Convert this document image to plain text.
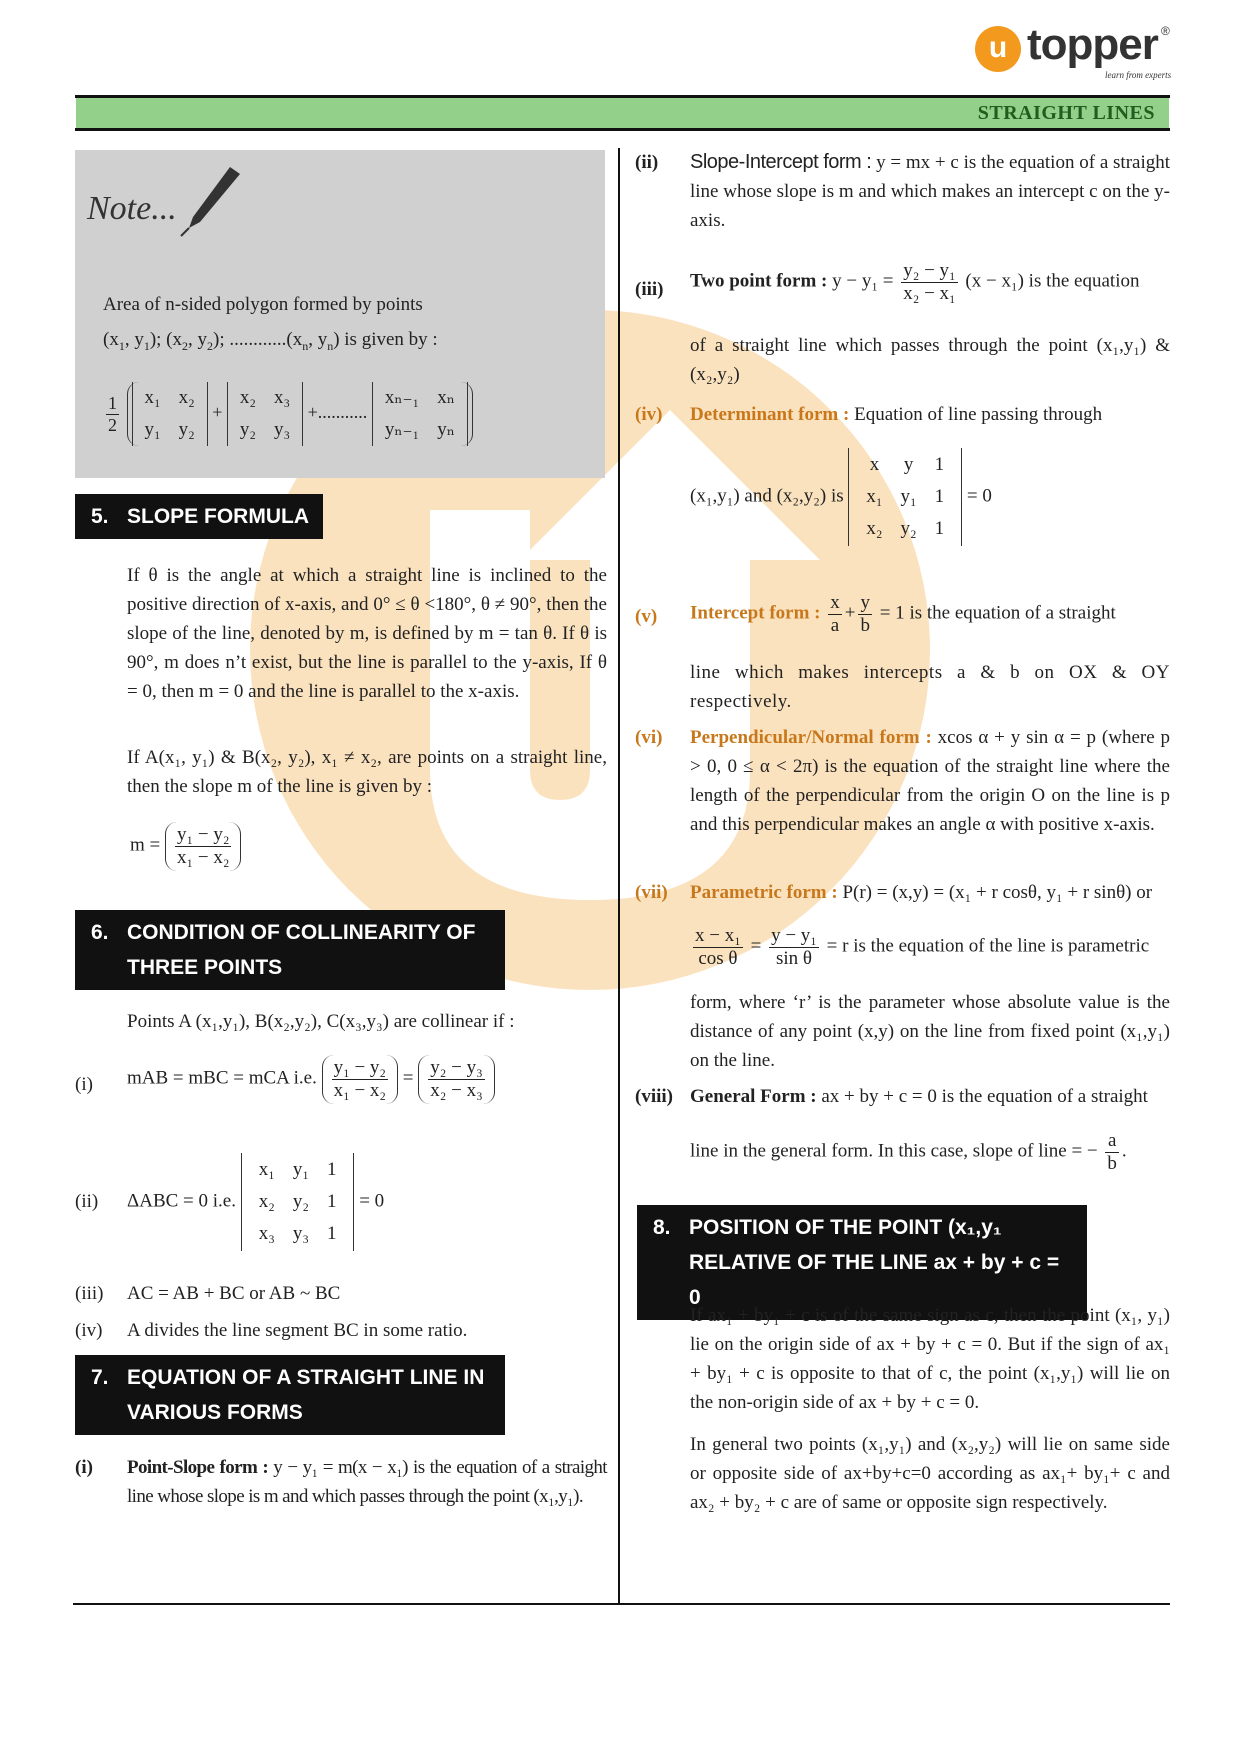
u topper ®
learn from experts
STRAIGHT LINES
Note...
Area of n-sided polygon formed by points
($x_1$, $y_1$); ($x_2$, $y_2$); $............(x_n$, $y_n$) is given by :
$\frac{1}{2}$
x₁	x₂
y₁	y₂
+
x₂	x₃
y₂	y₃
+...........
xₙ₋₁	xₙ
yₙ₋₁	yₙ
5. SLOPE FORMULA
If θ is the angle at which a straight line is inclined to the positive direction of x-axis, and 0° ≤ θ <180°, θ ≠ 90°, then the slope of the line, denoted by m, is defined by m = tan θ. If θ is 90°, m does n’t exist, but the line is parallel to the y-axis, If θ = 0, then m = 0 and the line is parallel to the x-axis.
If A(x₁, y₁) & B(x₂, y₂), x₁ ≠ x₂, are points on a straight line, then the slope m of the line is given by :
$m = \frac{\text{y₁ − y₂}}{\text{x₁ − x₂}}$
6. CONDITION OF COLLINEARITY OF
THREE POINTS
Points A (x₁,y₁), B(x₂,y₂), C(x₃,y₃) are collinear if :
(i) mAB = mBC = mCA i.e. $\frac{\text{y₁ − y₂}}{\text{x₁ − x₂}} = \frac{\text{y₂ − y₃}}{\text{x₂ − x₃}}$
(ii) ΔABC = 0 i.e.
x₁	y₁	1
x₂	y₂	1
x₃	y₃	1
= 0
(iii) AC = AB + BC or AB ~ BC
(iv) A divides the line segment BC in some ratio.
7. EQUATION OF A STRAIGHT LINE IN
VARIOUS FORMS
(i) Point-Slope form : y − y₁ = m(x − x₁) is the equation of a straight line whose slope is m and which passes through the point (x₁,y₁).
(ii) Slope-Intercept form : y = mx + c is the equation of a straight line whose slope is m and which makes an intercept c on the y-axis.
(iii) Two point form : $y - y_1 = \frac{\text{y₂ − y₁}}{\text{x₂ − x₁}} (x - x_1)$ is the equation
of a straight line which passes through the point (x₁,y₁) & (x₂,y₂)
(iv) Determinant form : Equation of line passing through
(x₁,y₁) and (x₂,y₂) is
x	y	1
x₁	y₁	1
x₂	y₂	1
= 0
(v) Intercept form : $\frac{x}{a} + \frac{y}{b} = 1$ is the equation of a straight
line which makes intercepts a & b on OX & OY respectively.
(vi) Perpendicular/Normal form : xcos α + y sin α = p (where p > 0, 0 ≤ α < 2π) is the equation of the straight line where the length of the perpendicular from the origin O on the line is p and this perpendicular makes an angle α with positive x-axis.
(vii) Parametric form : P(r) = (x,y) = (x₁ + r cosθ, y₁ + r sinθ) or
$\frac{\text{x − x₁}}{\text{cos θ}} = \frac{\text{y − y₁}}{\text{sin θ}} = r$ is the equation of the line is parametric
form, where ‘r’ is the parameter whose absolute value is the distance of any point (x,y) on the line from fixed point (x₁,y₁) on the line.
(viii) General Form : ax + by + c = 0 is the equation of a straight
line in the general form. In this case, slope of line = − $\frac{a}{b}$ .
8. POSITION OF THE POINT (x₁,y₁
RELATIVE OF THE LINE ax + by + c = 0
If ax₁ + by₁ + c is of the same sign as c, then the point (x₁, y₁) lie on the origin side of ax + by + c = 0. But if the sign of ax₁ + by₁ + c is opposite to that of c, the point (x₁,y₁) will lie on the non-origin side of ax + by + c = 0.
In general two points (x₁,y₁) and (x₂,y₂) will lie on same side or opposite side of ax+by+c=0 according as ax₁+ by₁+ c and ax₂ + by₂ + c are of same or opposite sign respectively.
